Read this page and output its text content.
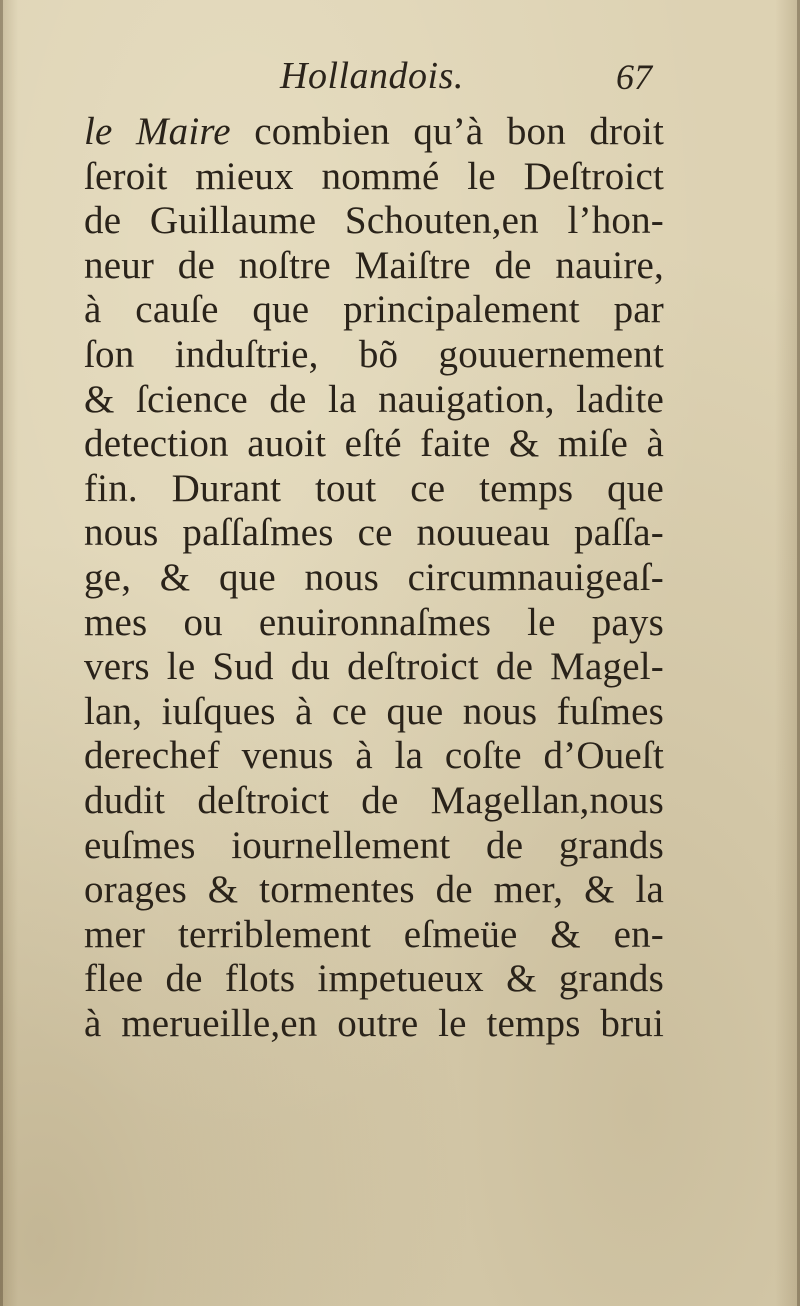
Hollandois.	67
le Maire combien qu’à bon droit
ſeroit mieux nommé le Deſtroict
de Guillaume Schouten,en l’hon-
neur de noſtre Maiſtre de nauire,
à cauſe que principalement par
ſon induſtrie, bõ gouuernement
& ſcience de la nauigation, ladite
detection auoit eſté faite & miſe à
fin. Durant tout ce temps que
nous paſſaſmes ce nouueau paſſa-
ge, & que nous circumnauigeaſ-
mes ou enuironnaſmes le pays
vers le Sud du deſtroict de Magel-
lan, iuſques à ce que nous fuſmes
derechef venus à la coſte d’Oueſt
dudit deſtroict de Magellan,nous
euſmes iournellement de grands
orages & tormentes de mer, & la
mer terriblement eſmeüe & en-
flee de flots impetueux & grands
à merueille,en outre le temps brui
